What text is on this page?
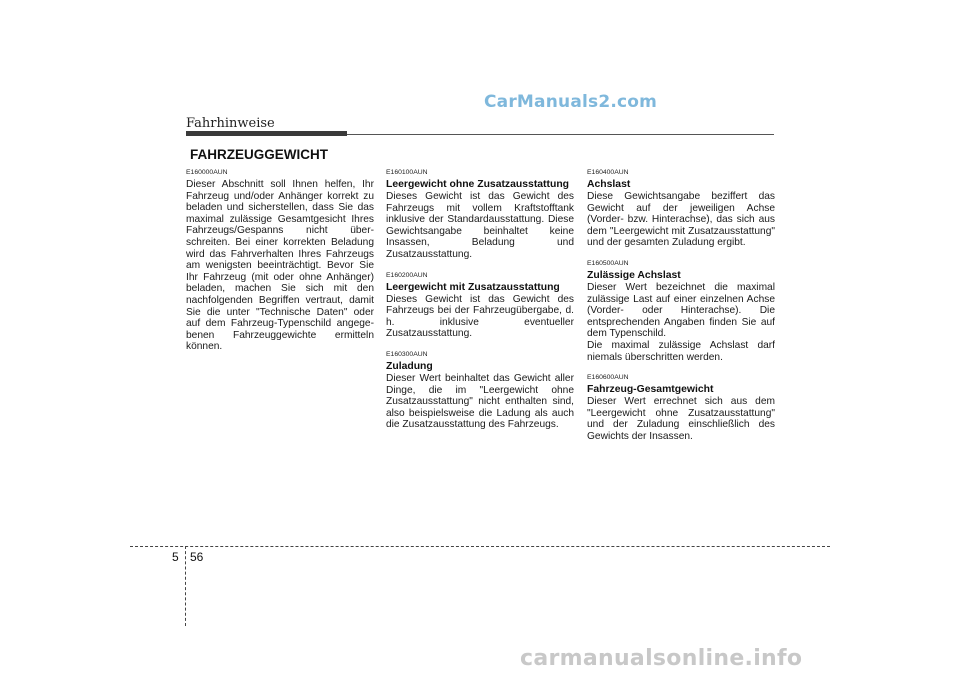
CarManuals2.com
Fahrhinweise
FAHRZEUGGEWICHT
E160000AUN
Dieser Abschnitt soll Ihnen helfen, Ihr Fahrzeug und/oder Anhänger korrekt zu beladen und sicherstellen, dass Sie das maximal zulässige Gesamtgesicht Ihres Fahrzeugs/Gespanns nicht über-schreiten. Bei einer korrekten Beladung wird das Fahrverhalten Ihres Fahrzeugs am wenigsten beeinträchtigt. Bevor Sie Ihr Fahrzeug (mit oder ohne Anhänger) beladen, machen Sie sich mit den nachfolgenden Begriffen vertraut, damit Sie die unter "Technische Daten" oder auf dem Fahrzeug-Typenschild angege-benen Fahrzeuggewichte ermitteln können.
E160100AUN
Leergewicht ohne Zusatzausstattung
Dieses Gewicht ist das Gewicht des Fahrzeugs mit vollem Kraftstofftank inklusive der Standardausstattung. Diese Gewichtsangabe beinhaltet keine Insassen, Beladung und Zusatzausstattung.
E160200AUN
Leergewicht mit Zusatzausstattung
Dieses Gewicht ist das Gewicht des Fahrzeugs bei der Fahrzeugübergabe, d. h. inklusive eventueller Zusatzausstattung.
E160300AUN
Zuladung
Dieser Wert beinhaltet das Gewicht aller Dinge, die im "Leergewicht ohne Zusatzausstattung" nicht enthalten sind, also beispielsweise die Ladung als auch die Zusatzausstattung des Fahrzeugs.
E160400AUN
Achslast
Diese Gewichtsangabe beziffert das Gewicht auf der jeweiligen Achse (Vorder- bzw. Hinterachse), das sich aus dem "Leergewicht mit Zusatzausstattung" und der gesamten Zuladung ergibt.
E160500AUN
Zulässige Achslast
Dieser Wert bezeichnet die maximal zulässige Last auf einer einzelnen Achse (Vorder- oder Hinterachse). Die entsprechenden Angaben finden Sie auf dem Typenschild.
Die maximal zulässige Achslast darf niemals überschritten werden.
E160600AUN
Fahrzeug-Gesamtgewicht
Dieser Wert errechnet sich aus dem "Leergewicht ohne Zusatzausstattung" und der Zuladung einschließlich des Gewichts der Insassen.
5 56
carmanualsonline.info
